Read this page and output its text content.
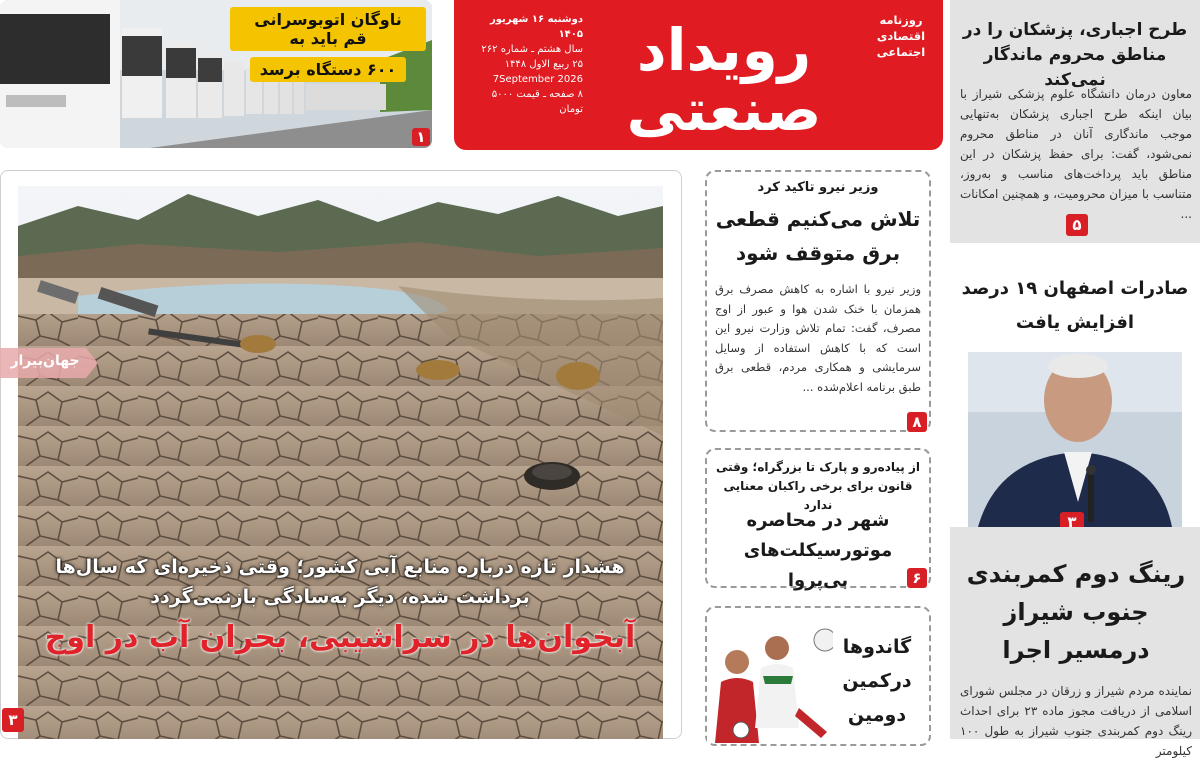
ناوگان اتوبوسرانی قم باید به ۶۰۰ دستگاه برسد
۱
رویداد
صنعتی
روزنامه
اقتصادی
اجتماعی
دوشنبه ۱۶ شهریور ۱۴۰۵
سال هشتم ـ شماره ۲۶۲
۲۵ ربیع الاول ۱۴۴۸
7September 2026
۸ صفحه ـ قیمت ۵۰۰۰ تومان
طرح اجباری، پزشکان را در مناطق محروم ماندگار نمی‌کند
معاون درمان دانشگاه علوم پزشکی شیراز با بیان اینکه طرح اجباری پزشکان به‌تنهایی موجب ماندگاری آنان در مناطق محروم نمی‌شود، گفت: برای حفظ پزشکان در این مناطق باید پرداخت‌های مناسب و به‌روز، متناسب با میزان محرومیت، و همچنین امکانات ...
۵
صادرات اصفهان ۱۹ درصد افزایش یافت
۳
رینگ دوم کمربندی جنوب شیراز درمسیر اجرا
نماینده مردم شیراز و زرقان در مجلس شورای اسلامی از دریافت مجوز ماده ۲۳ برای احداث رینگ دوم کمربندی جنوب شیراز به طول ۱۰۰ کیلومتر
وزیر نیرو تاکید کرد
تلاش می‌کنیم قطعی برق متوقف شود
وزیر نیرو با اشاره به کاهش مصرف برق همزمان با خنک شدن هوا و عبور از اوج مصرف، گفت: تمام تلاش وزارت نیرو این است که با کاهش استفاده از وسایل سرمایشی و همکاری مردم، قطعی برق طبق برنامه اعلام‌شده ...
۸
از پیاده‌رو و پارک تا بزرگراه؛ وقتی قانون برای برخی راکبان معنایی ندارد
شهر در محاصره موتورسیکلت‌های بی‌پروا	۶
گاندوها درکمین دومین
جهان‌بیرار
هشدار تازه درباره منابع آبی کشور؛ وقتی ذخیره‌ای که سال‌ها برداشت شده، دیگر به‌سادگی بازنمی‌گردد
آبخوان‌ها در سراشیبی، بحران آب در اوج
۳
